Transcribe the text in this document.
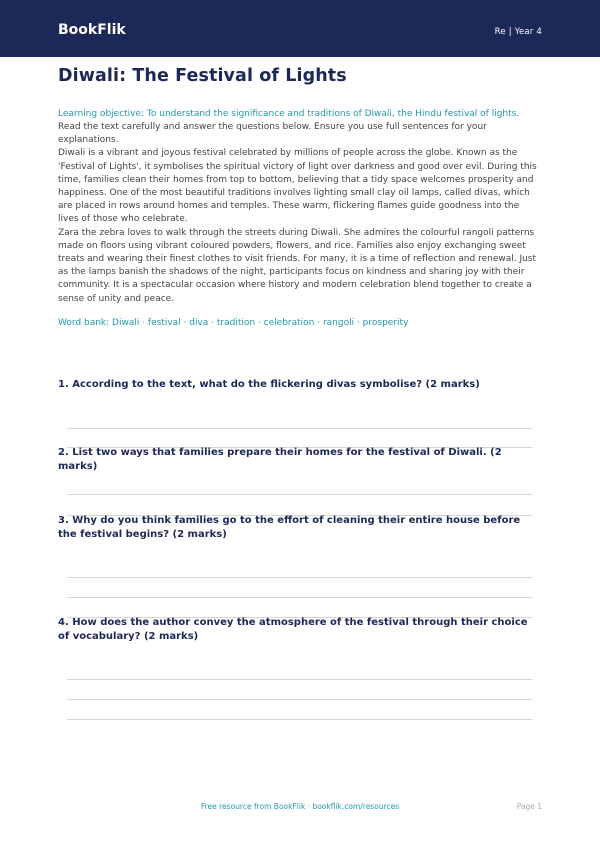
BookFlik	Re | Year 4
Diwali: The Festival of Lights
Learning objective: To understand the significance and traditions of Diwali, the Hindu festival of lights.

Read the text carefully and answer the questions below. Ensure you use full sentences for your explanations.

Diwali is a vibrant and joyous festival celebrated by millions of people across the globe. Known as the 'Festival of Lights', it symbolises the spiritual victory of light over darkness and good over evil. During this time, families clean their homes from top to bottom, believing that a tidy space welcomes prosperity and happiness. One of the most beautiful traditions involves lighting small clay oil lamps, called divas, which are placed in rows around homes and temples. These warm, flickering flames guide goodness into the lives of those who celebrate.

Zara the zebra loves to walk through the streets during Diwali. She admires the colourful rangoli patterns made on floors using vibrant coloured powders, flowers, and rice. Families also enjoy exchanging sweet treats and wearing their finest clothes to visit friends. For many, it is a time of reflection and renewal. Just as the lamps banish the shadows of the night, participants focus on kindness and sharing joy with their community. It is a spectacular occasion where history and modern celebration blend together to create a sense of unity and peace.

Word bank: Diwali · festival · diva · tradition · celebration · rangoli · prosperity

1. According to the text, what do the flickering divas symbolise? (2 marks)

2. List two ways that families prepare their homes for the festival of Diwali. (2 marks)

3. Why do you think families go to the effort of cleaning their entire house before the festival begins? (2 marks)

4. How does the author convey the atmosphere of the festival through their choice of vocabulary? (2 marks)

Free resource from BookFlik · bookflik.com/resources	Page 1
